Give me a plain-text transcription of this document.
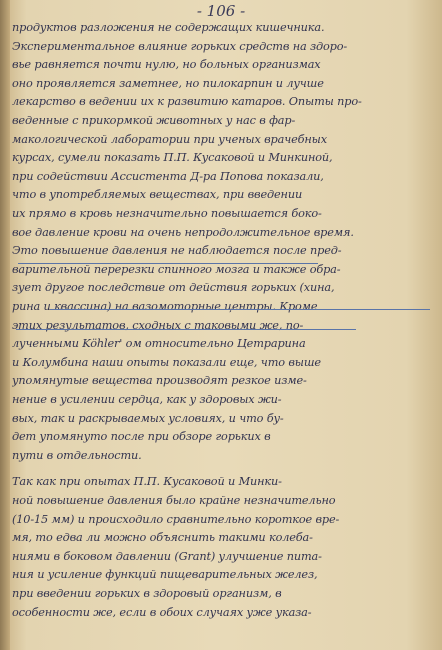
- 106 -
продуктов разложения не содержащих кишечника.
Экспериментальное влияние горьких средств на здоро-
вье равняется почти нулю, но больных организмах
оно проявляется заметнее, но пилокарпин и лучше
лекарство в ведении их к развитию катаров. Опыты про-
веденные с прикормкой животных у нас в фар-
макологической лаборатории при ученых врачебных
курсах, сумели показать П.П. Кусаковой и Минкиной,
при содействии Ассистента Д-ра Попова показали,
что в употребляемых веществах, при введении
их прямо в кровь незначительно повышается боко-
вое давление крови на очень непродолжительное время.
Это повышение давления не наблюдается после пред-
варительной перерезки спинного мозга и также обра-
зует другое последствие от действия горьких (хина,
рина и квассина) на вазомоторные центры. Кроме
этих результатов, сходных с таковыми же, по-
лученными Köhler' ом относительно Цетрарина
и Колумбина наши опыты показали еще, что выше
упомянутые вещества производят резкое изме-
нение в усилении сердца, как у здоровых жи-
вых, так и раскрываемых условиях, и что бу-
дет упомянуто после при обзоре горьких в
пути в отдельности.
Так как при опытах П.П. Кусаковой и Минки-
ной повышение давления было крайне незначительно
(10-15 мм) и происходило сравнительно короткое вре-
мя, то едва ли можно объяснить такими колеба-
ниями в боковом давлении (Grant) улучшение пита-
ния и усиление функций пищеварительных желез,
при введении горьких в здоровый организм, в
особенности же, если в обоих случаях уже указа-
